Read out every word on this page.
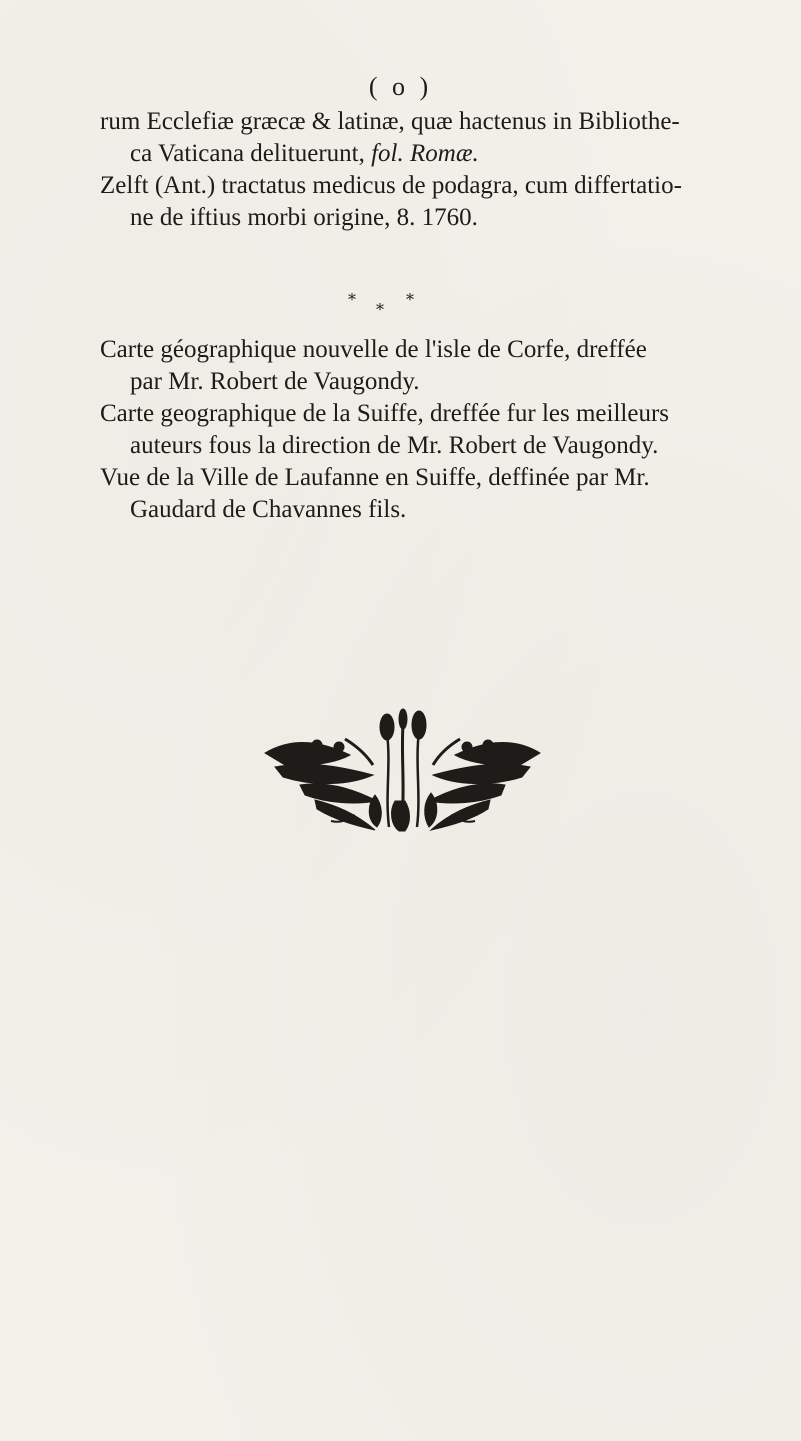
( o )
rum Ecclefiæ græcæ & latinæ, quæ hactenus in Bibliothe-
ca Vaticana delituerunt, fol. Romæ.
Zelft (Ant.) tractatus medicus de podagra, cum differtatio-
ne de iftius morbi origine, 8. 1760.
*	*
*
Carte géographique nouvelle de l'isle de Corfe, dreffée
par Mr. Robert de Vaugondy.
Carte geographique de la Suiffe, dreffée fur les meilleurs
auteurs fous la direction de Mr. Robert de Vaugondy.
Vue de la Ville de Laufanne en Suiffe, deffinée par Mr.
Gaudard de Chavannes fils.
